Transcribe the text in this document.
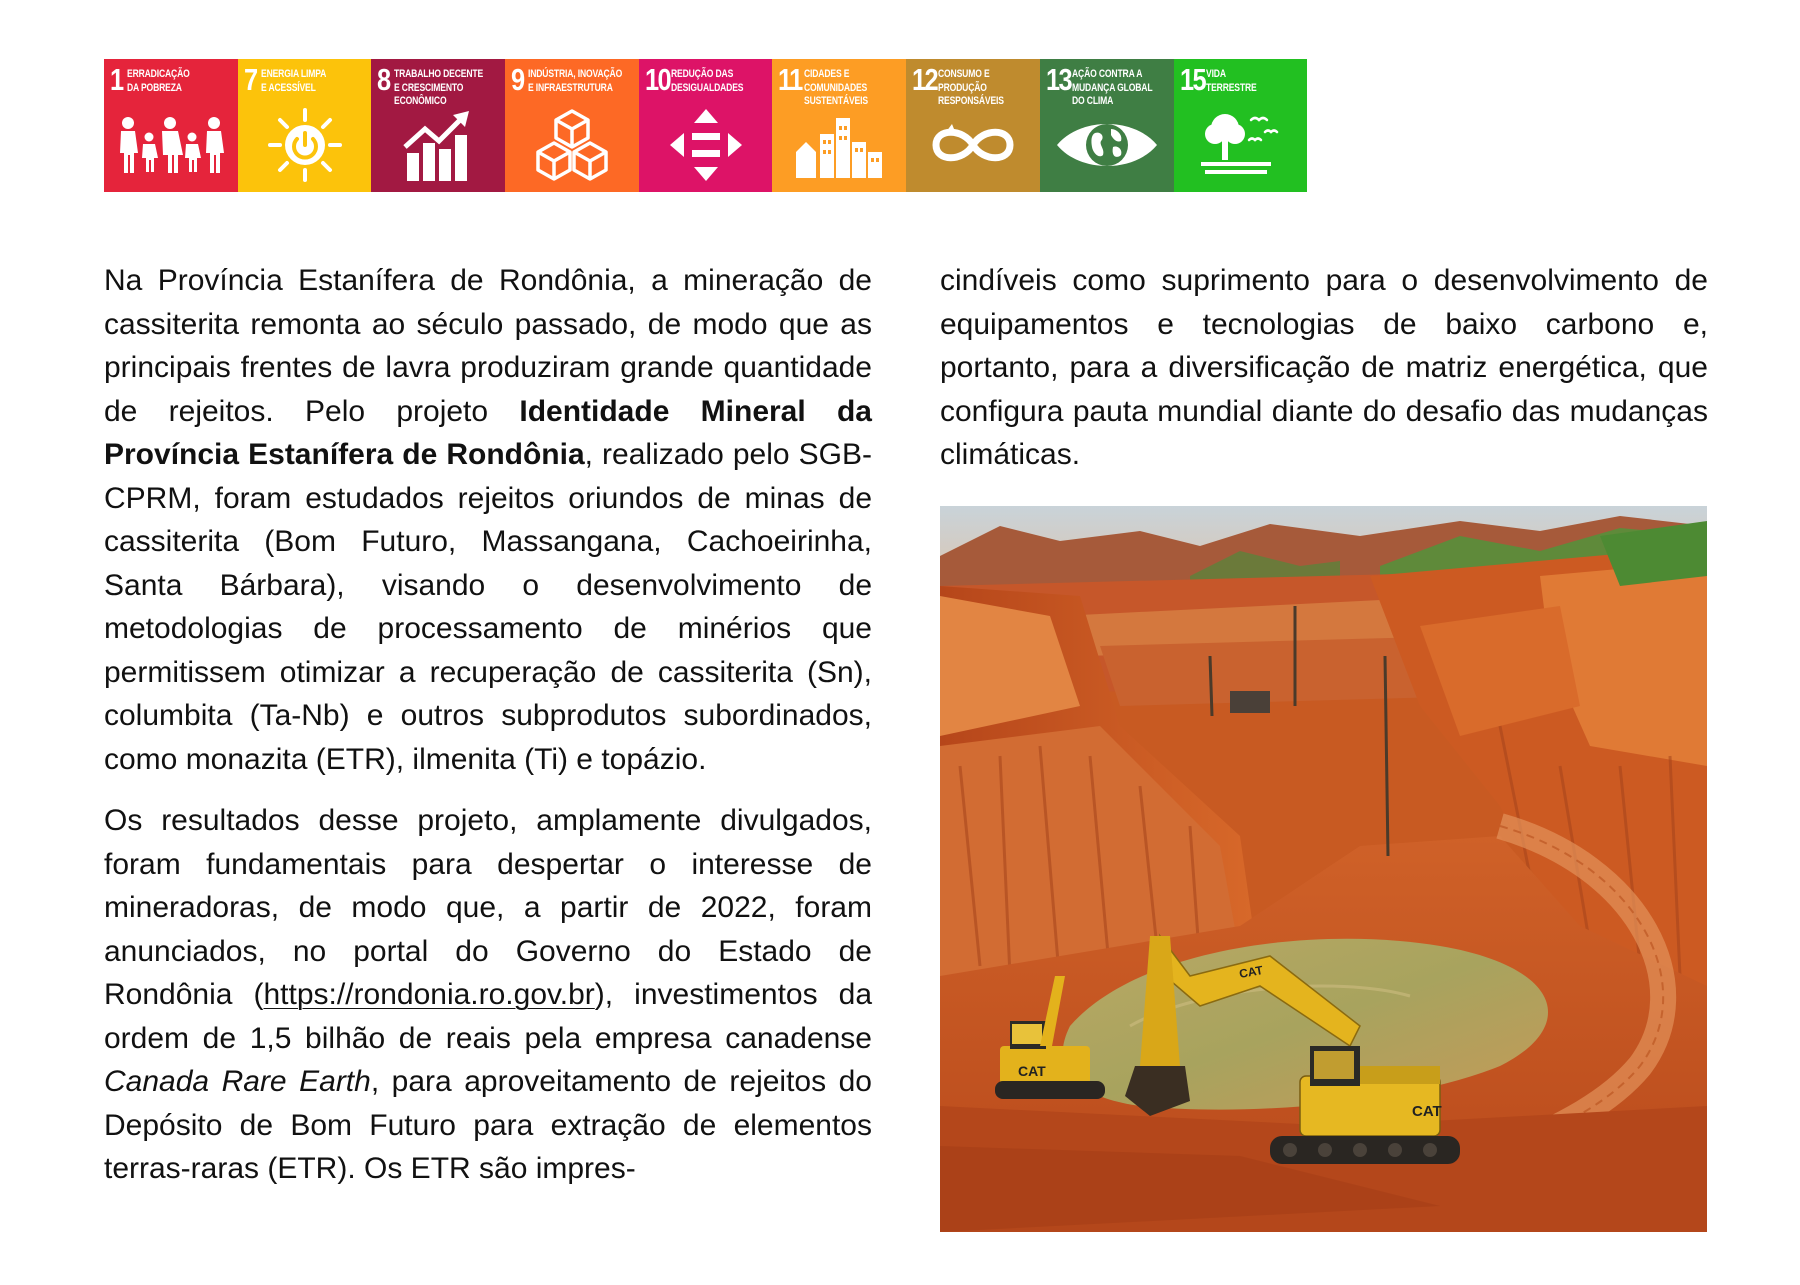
1 ERRADICAÇÃO
DA POBREZA	7 ENERGIA LIMPA
E ACESSÍVEL	8 TRABALHO DECENTE
E CRESCIMENTO
ECONÔMICO
9 INDÚSTRIA, INOVAÇÃO
E INFRAESTRUTURA	10 REDUÇÃO DAS
DESIGUALDADES	11 CIDADES E
COMUNIDADES
SUSTENTÁVEIS
12 CONSUMO E
PRODUÇÃO
RESPONSÁVEIS
13 AÇÃO CONTRA A
MUDANÇA GLOBAL
DO CLIMA
15 VIDA
TERRESTRE

Na Província Estanífera de Rondônia, a mineração de cassiterita remonta ao século passado, de modo que as principais frentes de lavra produziram grande quantidade de rejeitos. Pelo projeto Identidade Mineral da Província Estanífera de Rondônia, realizado pelo SGB-CPRM, foram estudados rejeitos oriundos de minas de cassiterita (Bom Futuro, Massangana, Cachoeirinha, Santa Bárbara), visando o desenvolvimento de metodologias de processamento de minérios que permitissem otimizar a recuperação de cassiterita (Sn), columbita (Ta-Nb) e outros subprodutos subordinados, como monazita (ETR), ilmenita (Ti) e topázio.

Os resultados desse projeto, amplamente divulgados, foram fundamentais para despertar o interesse de mineradoras, de modo que, a partir de 2022, foram anunciados, no portal do Governo do Estado de Rondônia (https://rondonia.ro.gov.br), investimentos da ordem de 1,5 bilhão de reais pela empresa canadense Canada Rare Earth, para aproveitamento de rejeitos do Depósito de Bom Futuro para extração de elementos terras-raras (ETR). Os ETR são impres-

cindíveis como suprimento para o desenvolvimento de equipamentos e tecnologias de baixo carbono e, portanto, para a diversificação de matriz energética, que configura pauta mundial diante do desafio das mudanças climáticas.

CAT
CAT
CAT
